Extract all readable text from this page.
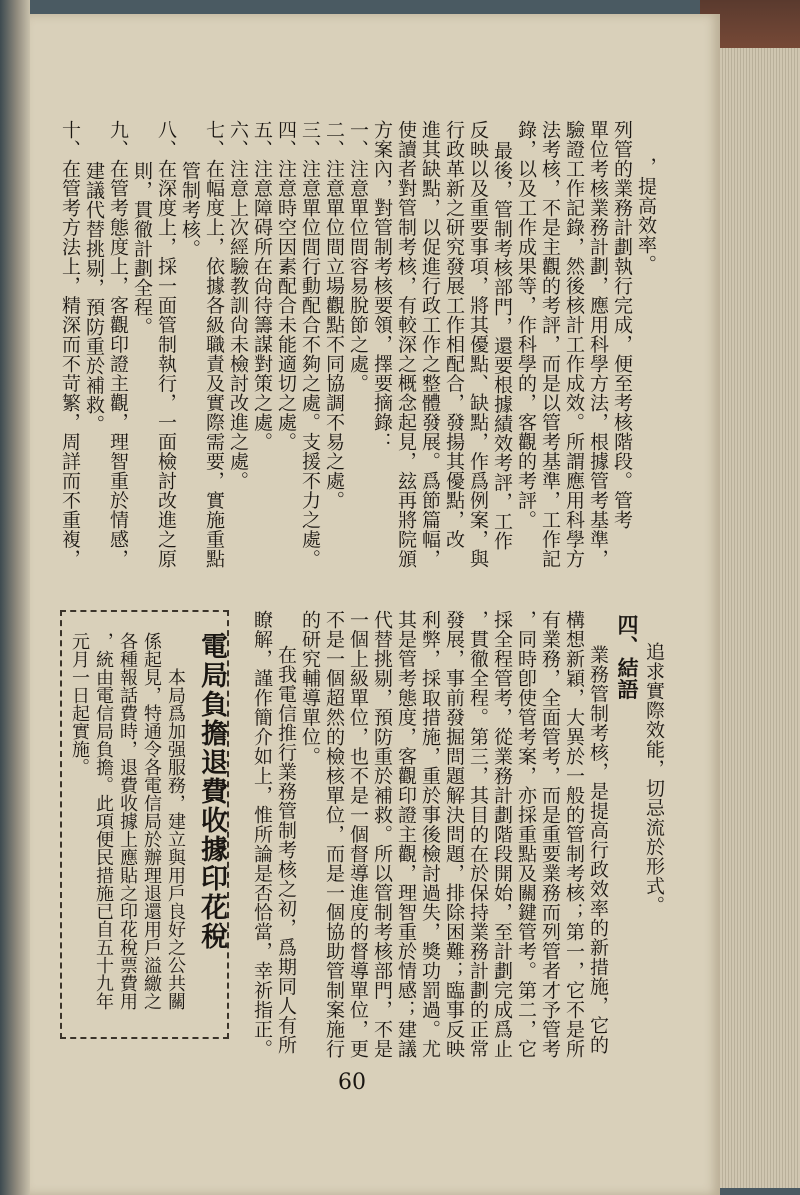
，提高效率。
列管的業務計劃執行完成，便至考核階段。管考
單位考核業務計劃，應用科學方法，根據管考基準，
驗證工作記錄，然後核計工作成效。所謂應用科學方
法考核，不是主觀的考評，而是以管考基準，工作記
錄，以及工作成果等，作科學的，客觀的考評。
最後，管制考核部門，還要根據績效考評，工作
反映以及重要事項，將其優點、缺點，作爲例案，與
行政革新之研究發展工作相配合，發揚其優點，改
進其缺點，以促進行政工作之整體發展。爲節篇幅，
使讀者對管制考核，有較深之概念起見，玆再將院頒
方案內，對管制考核要領，擇要摘錄：
一、注意單位間容易脫節之處。
二、注意單位間立場觀點不同協調不易之處。
三、注意單位間行動配合不夠之處。支援不力之處。
四、注意時空因素配合未能適切之處。
五、注意障碍所在尙待籌謀對策之處。
六、注意上次經驗教訓尙未檢討改進之處。
七、在幅度上，依據各級職責及實際需要，實施重點
管制考核。
八、在深度上，採一面管制執行，一面檢討改進之原
則，貫徹計劃全程。
九、在管考態度上，客觀印證主觀，理智重於情感，
建議代替挑剔，預防重於補救。
十、在管考方法上，精深而不苛繁，周詳而不重複，
追求實際效能，切忌流於形式。
四、結語
業務管制考核，是提高行政效率的新措施，它的
構想新穎，大異於一般的管制考核；第一，它不是所
有業務，全面管考，而是重要業務而列管者才予管考
，同時卽使管考案，亦採重點及關鍵管考。第二，它
採全程管考，從業務計劃階段開始，至計劃完成爲止
，貫徹全程。第三，其目的在於保持業務計劃的正常
發展，事前發掘問題解決問題，排除困難；臨事反映
利弊，採取措施，重於事後檢討過失，獎功罰過。尤
其是管考態度，客觀印證主觀，理智重於情感；建議
代替挑剔，預防重於補救。所以管制考核部門，不是
一個上級單位，也不是一個督導進度的督導單位，更
不是一個超然的檢核單位，而是一個協助管制案施行
的研究輔導單位。
在我電信推行業務管制考核之初，爲期同人有所
瞭解，謹作簡介如上，惟所論是否恰當，幸祈指正。
電局負擔退費收據印花稅
本局爲加强服務，建立與用戶良好之公共關
係起見，特通令各電信局於辦理退還用戶溢繳之
各種報話費時，退費收據上應貼之印花稅票費用
，統由電信局負擔。此項便民措施已自五十九年
元月一日起實施。
60
